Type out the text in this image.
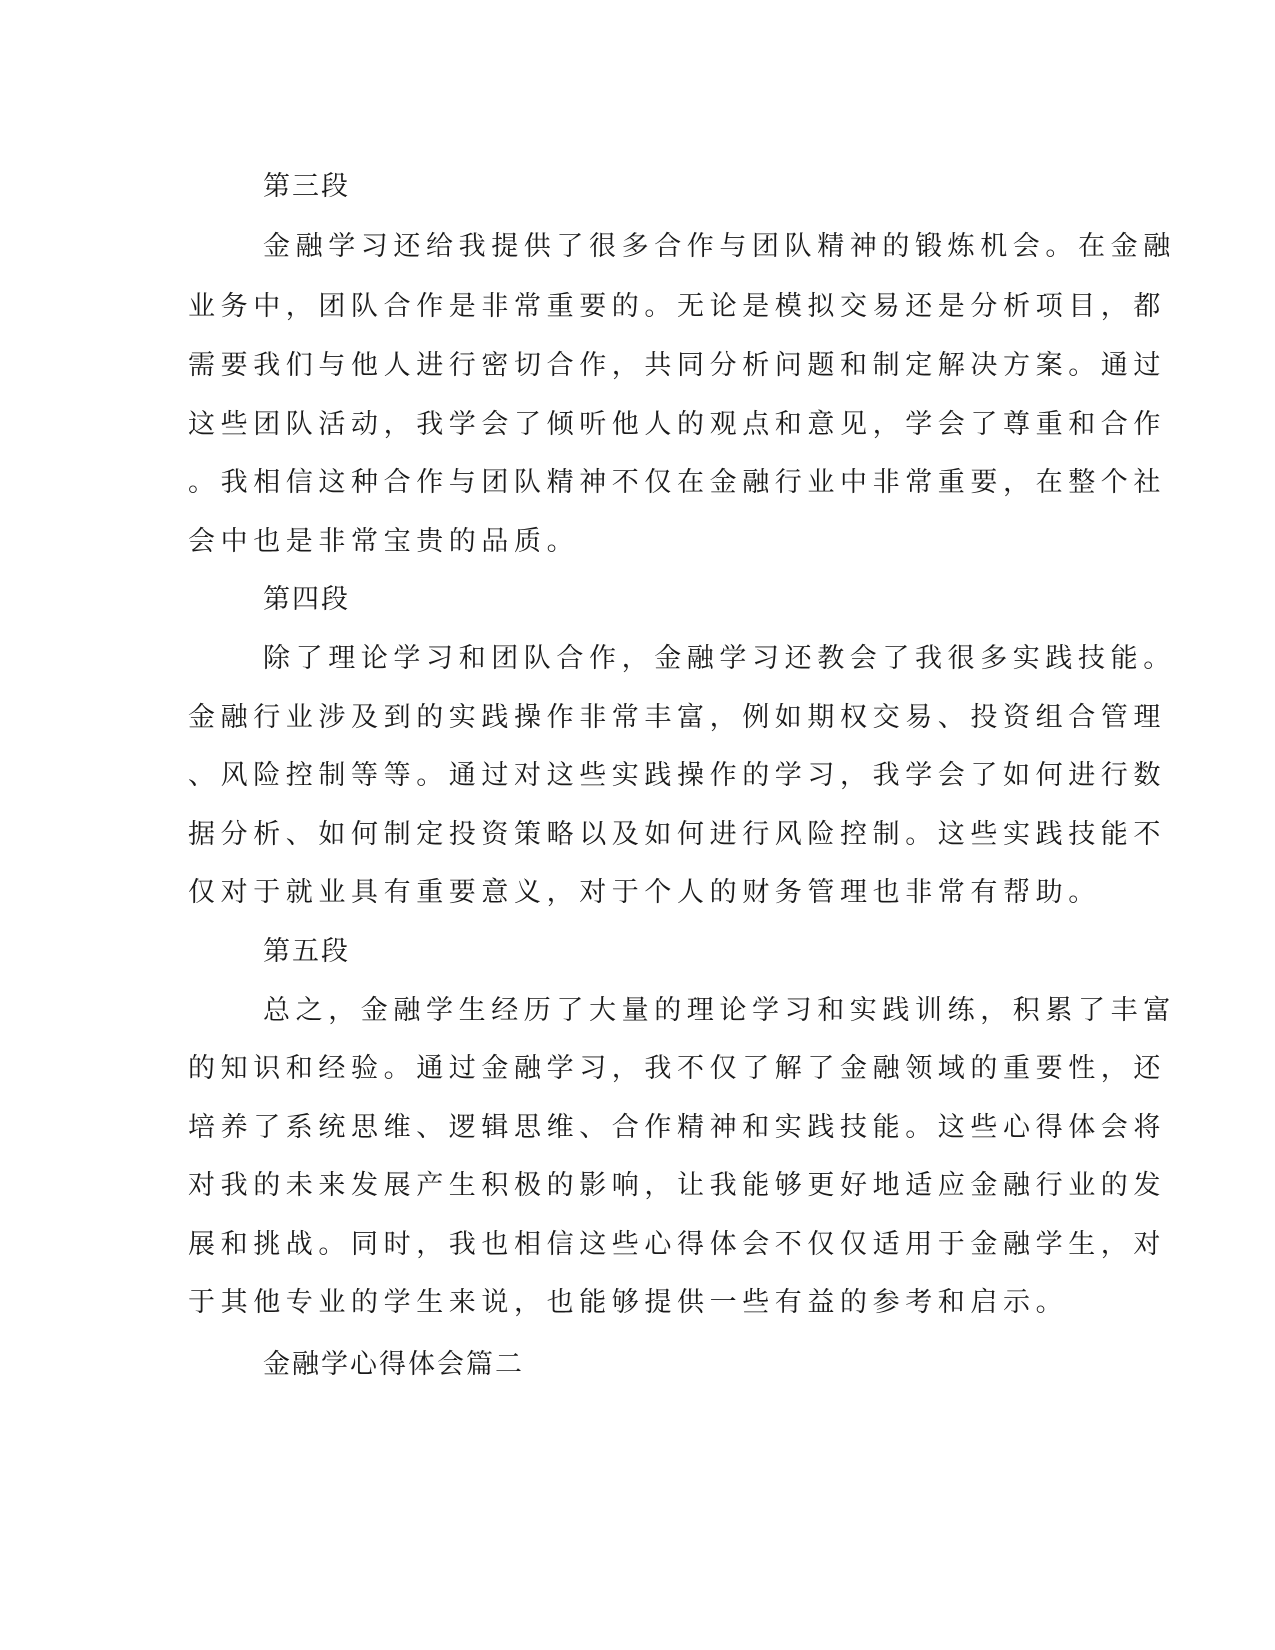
第三段
金融学习还给我提供了很多合作与团队精神的锻炼机会。在金融
业务中，团队合作是非常重要的。无论是模拟交易还是分析项目，都
需要我们与他人进行密切合作，共同分析问题和制定解决方案。通过
这些团队活动，我学会了倾听他人的观点和意见，学会了尊重和合作
。我相信这种合作与团队精神不仅在金融行业中非常重要，在整个社
会中也是非常宝贵的品质。
第四段
除了理论学习和团队合作，金融学习还教会了我很多实践技能。
金融行业涉及到的实践操作非常丰富，例如期权交易、投资组合管理
、风险控制等等。通过对这些实践操作的学习，我学会了如何进行数
据分析、如何制定投资策略以及如何进行风险控制。这些实践技能不
仅对于就业具有重要意义，对于个人的财务管理也非常有帮助。
第五段
总之，金融学生经历了大量的理论学习和实践训练，积累了丰富
的知识和经验。通过金融学习，我不仅了解了金融领域的重要性，还
培养了系统思维、逻辑思维、合作精神和实践技能。这些心得体会将
对我的未来发展产生积极的影响，让我能够更好地适应金融行业的发
展和挑战。同时，我也相信这些心得体会不仅仅适用于金融学生，对
于其他专业的学生来说，也能够提供一些有益的参考和启示。
金融学心得体会篇二
